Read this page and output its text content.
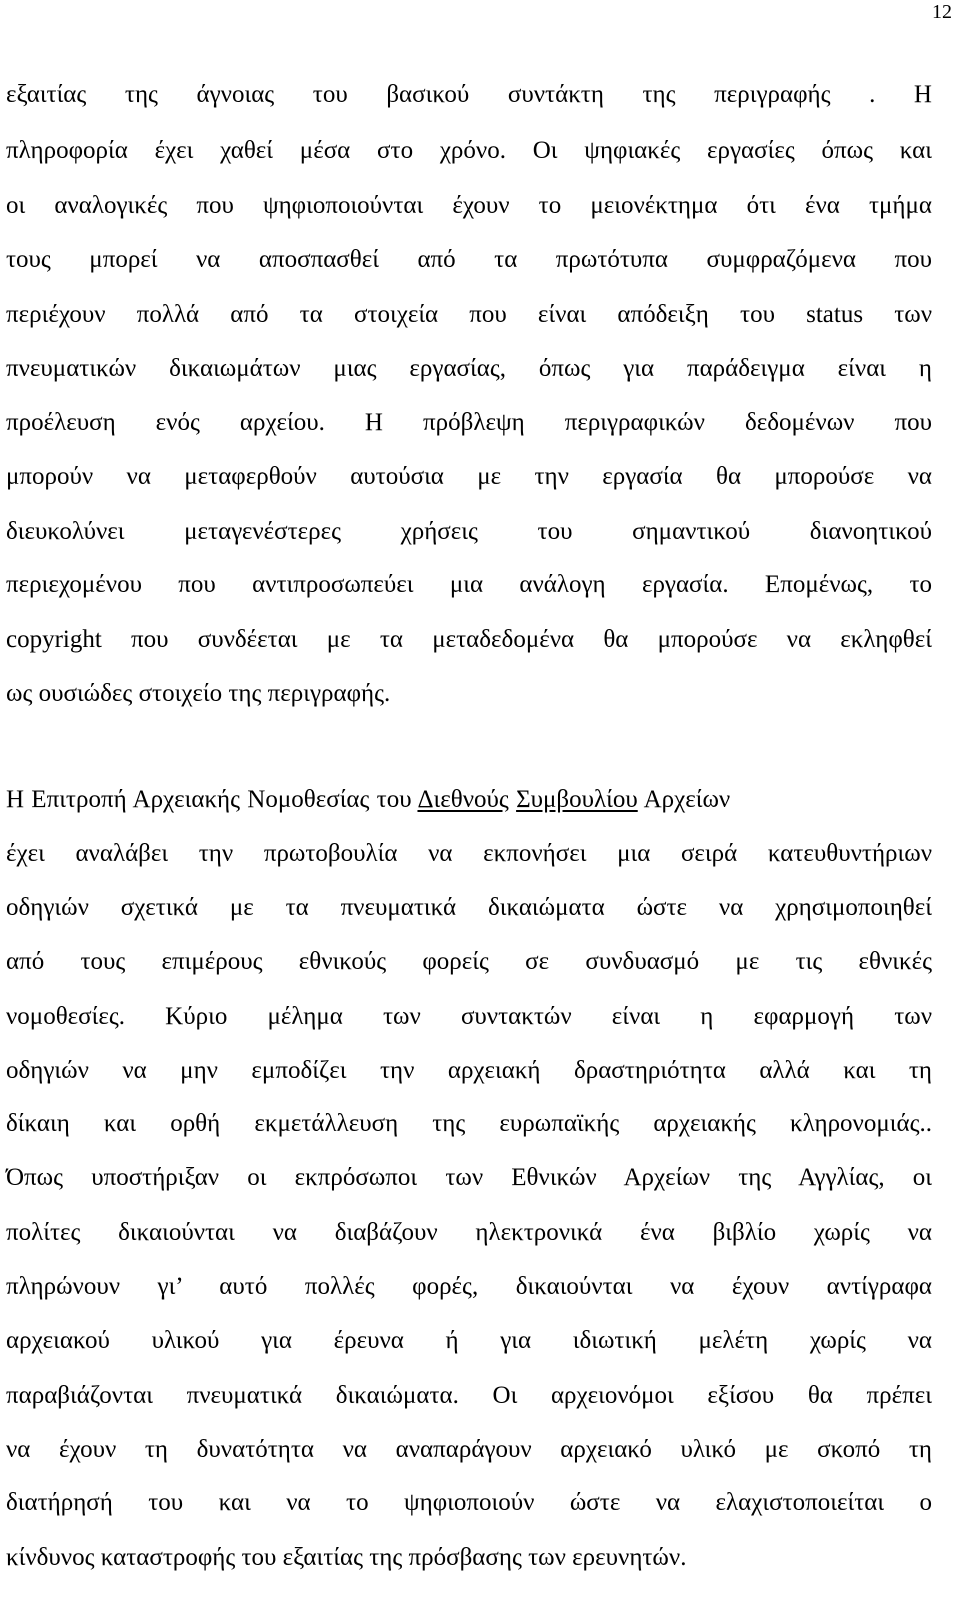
12
εξαιτίας της άγνοιας του βασικού συντάκτη της περιγραφής . Η
πληροφορία έχει χαθεί μέσα στο χρόνο. Οι ψηφιακές εργασίες όπως και
οι αναλογικές που ψηφιοποιούνται έχουν το μειονέκτημα ότι ένα τμήμα
τους μπορεί να αποσπασθεί από τα πρωτότυπα συμφραζόμενα που
περιέχουν πολλά από τα στοιχεία που είναι απόδειξη του status των
πνευματικών δικαιωμάτων μιας εργασίας, όπως για παράδειγμα είναι η
προέλευση ενός αρχείου. Η πρόβλεψη περιγραφικών δεδομένων που
μπορούν να μεταφερθούν αυτούσια με την εργασία θα μπορούσε να
διευκολύνει μεταγενέστερες χρήσεις του σημαντικού διανοητικού
περιεχομένου που αντιπροσωπεύει μια ανάλογη εργασία. Επομένως, το
copyright που συνδέεται με τα μεταδεδομένα θα μπορούσε να εκληφθεί
ως ουσιώδες στοιχείο της περιγραφής.
Η Επιτροπή Αρχειακής Νομοθεσίας του Διεθνούς Συμβουλίου Αρχείων
έχει αναλάβει την πρωτοβουλία να εκπονήσει μια σειρά κατευθυντήριων
οδηγιών σχετικά με τα πνευματικά δικαιώματα ώστε να χρησιμοποιηθεί
από τους επιμέρους εθνικούς φορείς σε συνδυασμό με τις εθνικές
νομοθεσίες. Κύριο μέλημα των συντακτών είναι η εφαρμογή των
οδηγιών να μην εμποδίζει την αρχειακή δραστηριότητα αλλά και τη
δίκαιη και ορθή εκμετάλλευση της ευρωπαϊκής αρχειακής κληρονομιάς..
Όπως υποστήριξαν οι εκπρόσωποι των Εθνικών Αρχείων της Αγγλίας, οι
πολίτες δικαιούνται να διαβάζουν ηλεκτρονικά ένα βιβλίο χωρίς να
πληρώνουν γι’ αυτό πολλές φορές, δικαιούνται να έχουν αντίγραφα
αρχειακού υλικού για έρευνα ή για ιδιωτική μελέτη χωρίς να
παραβιάζονται πνευματικά δικαιώματα. Οι αρχειονόμοι εξίσου θα πρέπει
να έχουν τη δυνατότητα να αναπαράγουν αρχειακό υλικό με σκοπό τη
διατήρησή του και να το ψηφιοποιούν ώστε να ελαχιστοποιείται ο
κίνδυνος καταστροφής του εξαιτίας της πρόσβασης των ερευνητών.
